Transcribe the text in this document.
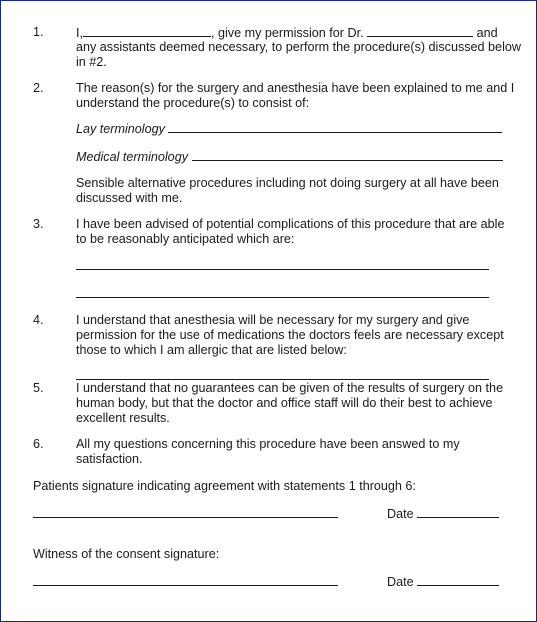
1.	I,	, give my permission for Dr.	and
any assistants deemed necessary, to perform the procedure(s) discussed below
in #2.
2.	The reason(s) for the surgery and anesthesia have been explained to me and I
understand the procedure(s) to consist of:
Lay terminology
Medical terminology
Sensible alternative procedures including not doing surgery at all have been
discussed with me.
3.	I have been advised of potential complications of this procedure that are able
to be reasonably anticipated which are:
4.	I understand that anesthesia will be necessary for my surgery and give
permission for the use of medications the doctors feels are necessary except
those to which I am allergic that are listed below:
5.	I understand that no guarantees can be given of the results of surgery on the
human body, but that the doctor and office staff will do their best to achieve
excellent results.
6.	All my questions concerning this procedure have been answed to my
satisfaction.
Patients signature indicating agreement with statements 1 through 6:
Date
Witness of the consent signature:
Date
